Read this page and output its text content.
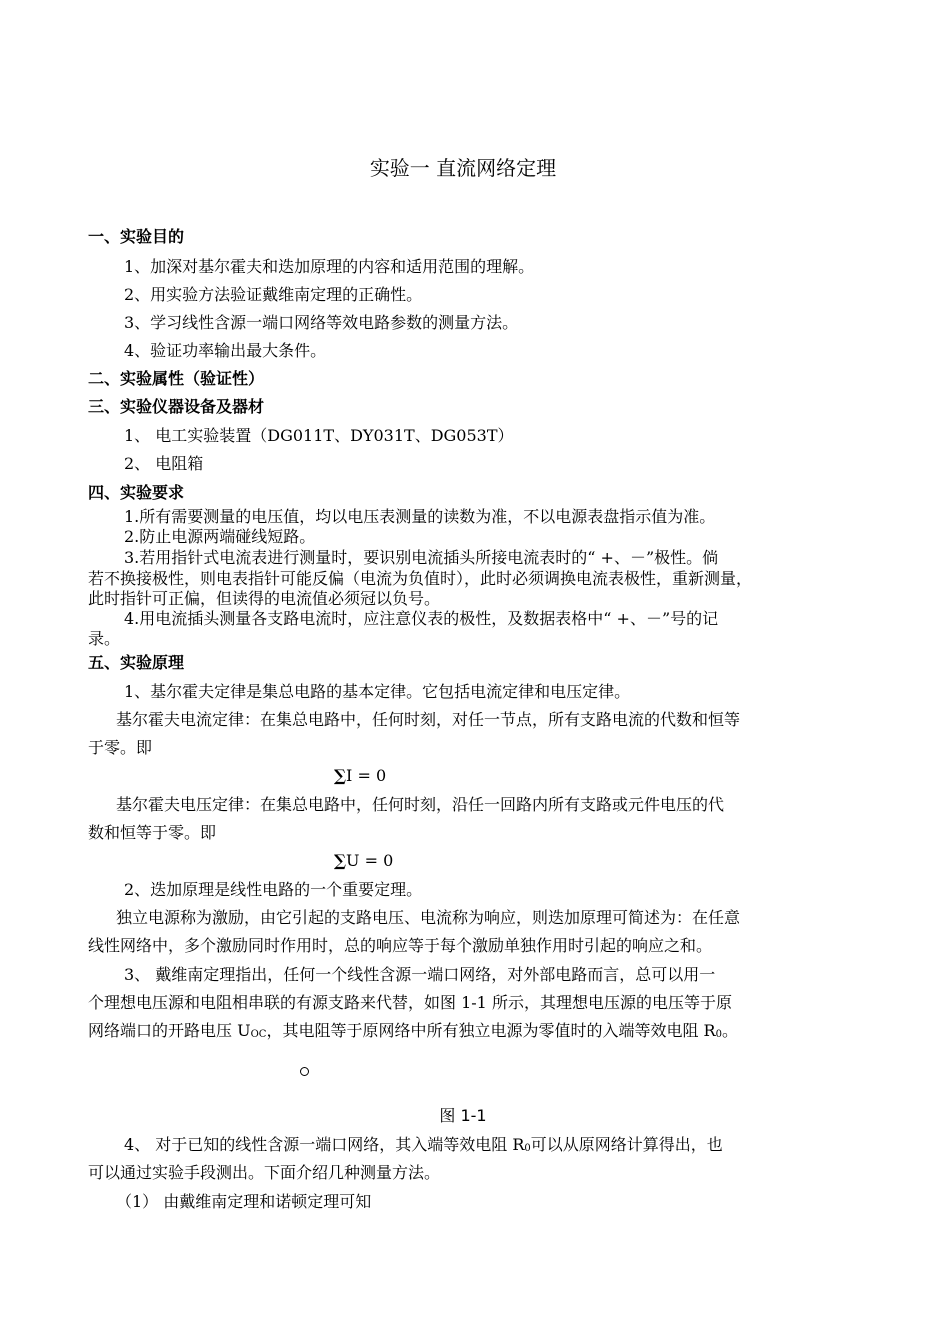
实验一 直流网络定理
一、实验目的
1、加深对基尔霍夫和迭加原理的内容和适用范围的理解。
2、用实验方法验证戴维南定理的正确性。
3、学习线性含源一端口网络等效电路参数的测量方法。
4、验证功率输出最大条件。
二、实验属性（验证性）
三、实验仪器设备及器材
1、 电工实验装置（DG011T、DY031T、DG053T）
2、 电阻箱
四、实验要求
1.所有需要测量的电压值，均以电压表测量的读数为准，不以电源表盘指示值为准。
2.防止电源两端碰线短路。
3.若用指针式电流表进行测量时，要识别电流插头所接电流表时的“ +、－”极性。倘
若不换接极性，则电表指针可能反偏（电流为负值时），此时必须调换电流表极性，重新测量，
此时指针可正偏，但读得的电流值必须冠以负号。
4.用电流插头测量各支路电流时，应注意仪表的极性，及数据表格中“ +、－”号的记
录。
五、实验原理
1、基尔霍夫定律是集总电路的基本定律。它包括电流定律和电压定律。
基尔霍夫电流定律：在集总电路中，任何时刻，对任一节点，所有支路电流的代数和恒等
于零。即
∑I = 0
基尔霍夫电压定律：在集总电路中，任何时刻，沿任一回路内所有支路或元件电压的代
数和恒等于零。即
∑U = 0
2、迭加原理是线性电路的一个重要定理。
独立电源称为激励，由它引起的支路电压、电流称为响应，则迭加原理可简述为：在任意
线性网络中，多个激励同时作用时，总的响应等于每个激励单独作用时引起的响应之和。
3、 戴维南定理指出，任何一个线性含源一端口网络，对外部电路而言，总可以用一
个理想电压源和电阻相串联的有源支路来代替，如图 1-1 所示，其理想电压源的电压等于原
网络端口的开路电压 $U_{OC}$，其电阻等于原网络中所有独立电源为零值时的入端等效电阻 $R_0$。
图 1-1
4、 对于已知的线性含源一端口网络，其入端等效电阻 $R_0$可以从原网络计算得出，也
可以通过实验手段测出。下面介绍几种测量方法。
（1） 由戴维南定理和诺顿定理可知
